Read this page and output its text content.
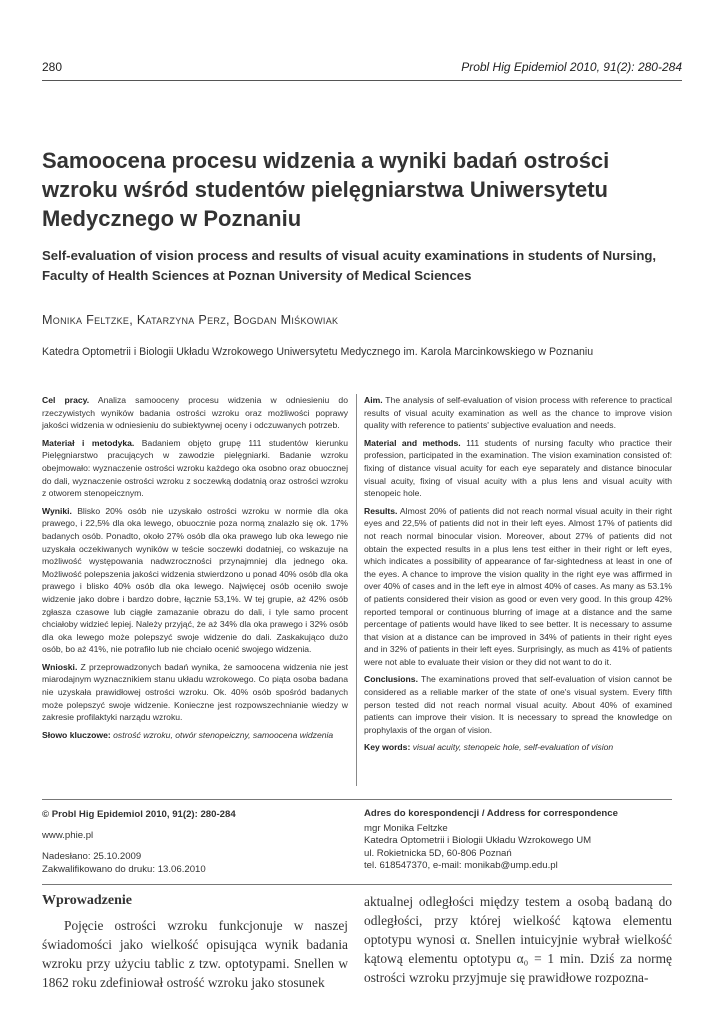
280	Probl Hig Epidemiol 2010, 91(2): 280-284
Samoocena procesu widzenia a wyniki badań ostrości wzroku wśród studentów pielęgniarstwa Uniwersytetu Medycznego w Poznaniu
Self-evaluation of vision process and results of visual acuity examinations in students of Nursing, Faculty of Health Sciences at Poznan University of Medical Sciences
Monika Feltzke, Katarzyna Perz, Bogdan Miśkowiak
Katedra Optometrii i Biologii Układu Wzrokowego Uniwersytetu Medycznego im. Karola Marcinkowskiego w Poznaniu

Cel pracy. Analiza samooceny procesu widzenia w odniesieniu do rzeczywistych wyników badania ostrości wzroku oraz możliwości poprawy jakości widzenia w odniesieniu do subiektywnej oceny i odczuwanych potrzeb.

Materiał i metodyka. Badaniem objęto grupę 111 studentów kierunku Pielęgniarstwo pracujących w zawodzie pielęgniarki. Badanie wzroku obejmowało: wyznaczenie ostrości wzroku każdego oka osobno oraz obuocznej do dali, wyznaczenie ostrości wzroku z soczewką dodatnią oraz ostrości wzroku z otworem stenopeicznym.

Wyniki. Blisko 20% osób nie uzyskało ostrości wzroku w normie dla oka prawego, i 22,5% dla oka lewego, obuocznie poza normą znalazło się ok. 17% badanych osób. Ponadto, około 27% osób dla oka prawego lub oka lewego nie uzyskała oczekiwanych wyników w teście soczewki dodatniej, co wskazuje na możliwość występowania nadwzroczności przynajmniej dla jednego oka. Możliwość polepszenia jakości widzenia stwierdzono u ponad 40% osób dla oka prawego i blisko 40% osób dla oka lewego. Najwięcej osób oceniło swoje widzenie jako dobre i bardzo dobre, łącznie 53,1%. W tej grupie, aż 42% osób zgłasza czasowe lub ciągłe zamazanie obrazu do dali, i tyle samo procent chciałoby widzieć lepiej. Należy przyjąć, że aż 34% dla oka prawego i 32% osób dla oka lewego może polepszyć swoje widzenie do dali. Zaskakująco dużo osób, bo aż 41%, nie potrafiło lub nie chciało ocenić swojego widzenia.

Wnioski. Z przeprowadzonych badań wynika, że samoocena widzenia nie jest miarodajnym wyznacznikiem stanu układu wzrokowego. Co piąta osoba badana nie uzyskała prawidłowej ostrości wzroku. Ok. 40% osób spośród badanych może polepszyć swoje widzenie. Konieczne jest rozpowszechnianie wiedzy w zakresie profilaktyki narządu wzroku.

Słowo kluczowe: ostrość wzroku, otwór stenopeiczny, samoocena widzenia

Aim. The analysis of self-evaluation of vision process with reference to practical results of visual acuity examination as well as the chance to improve vision quality with reference to patients' subjective evaluation and needs.

Material and methods. 111 students of nursing faculty who practice their profession, participated in the examination. The vision examination consisted of: fixing of distance visual acuity for each eye separately and distance binocular visual acuity, fixing of visual acuity with a plus lens and visual acuity with stenopeic hole.

Results. Almost 20% of patients did not reach normal visual acuity in their right eyes and 22,5% of patients did not in their left eyes. Almost 17% of patients did not reach normal binocular vision. Moreover, about 27% of patients did not obtain the expected results in a plus lens test either in their right or left eyes, which indicates a possibility of appearance of far-sightedness at least in one of the eyes. A chance to improve the vision quality in the right eye was affirmed in over 40% of cases and in the left eye in almost 40% of cases. As many as 53.1% of patients considered their vision as good or even very good. In this group 42% reported temporal or continuous blurring of image at a distance and the same percentage of patients would have liked to see better. It is necessary to assume that vision at a distance can be improved in 34% of patients in their right eyes and in 32% of patients in their left eyes. Surprisingly, as much as 41% of patients were not able to evaluate their vision or they did not want to do it.

Conclusions. The examinations proved that self-evaluation of vision cannot be considered as a reliable marker of the state of one's visual system. Every fifth person tested did not reach normal visual acuity. About 40% of examined patients can improve their vision. It is necessary to spread the knowledge on prophylaxis of the organ of vision.

Key words: visual acuity, stenopeic hole, self-evaluation of vision

© Probl Hig Epidemiol 2010, 91(2): 280-284
www.phie.pl
Nadesłano: 25.10.2009
Zakwalifikowano do druku: 13.06.2010
Adres do korespondencji / Address for correspondence
mgr Monika Feltzke
Katedra Optometrii i Biologii Układu Wzrokowego UM
ul. Rokietnicka 5D, 60-806 Poznań
tel. 618547370, e-mail: monikab@ump.edu.pl
Wprowadzenie

Pojęcie ostrości wzroku funkcjonuje w naszej świadomości jako wielkość opisująca wynik badania wzroku przy użyciu tablic z tzw. optotypami. Snellen w 1862 roku zdefiniował ostrość wzroku jako stosunek

aktualnej odległości między testem a osobą badaną do odległości, przy której wielkość kątowa elementu optotypu wynosi α. Snellen intuicyjnie wybrał wielkość kątową elementu optotypu α₀ = 1 min. Dziś za normę ostrości wzroku przyjmuje się prawidłowe rozpozna-
